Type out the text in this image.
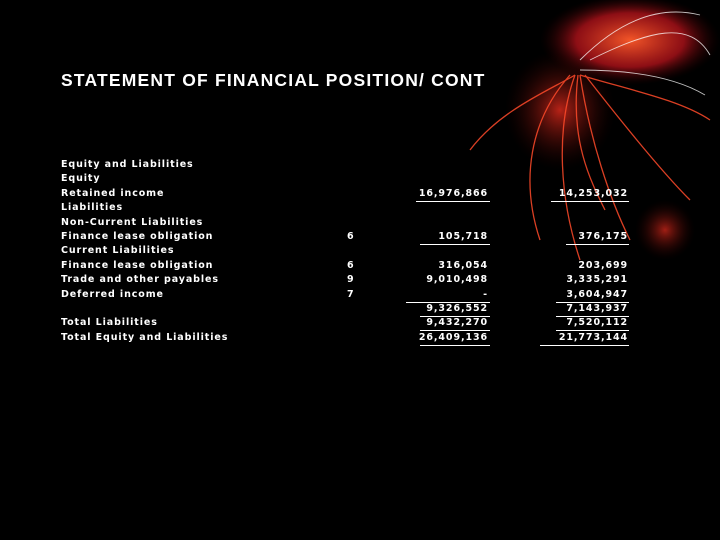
STATEMENT OF FINANCIAL POSITION/ CONT
Equity and Liabilities
Equity
Retained income	16,976,866	14,253,032
Liabilities
Non-Current Liabilities
Finance lease obligation	6	105,718	376,175
Current Liabilities
Finance lease obligation	6	316,054	203,699
Trade and other payables	9	9,010,498	3,335,291
Deferred income	7	-	3,604,947
9,326,552	7,143,937
Total Liabilities	9,432,270	7,520,112
Total Equity and Liabilities	26,409,136	21,773,144
